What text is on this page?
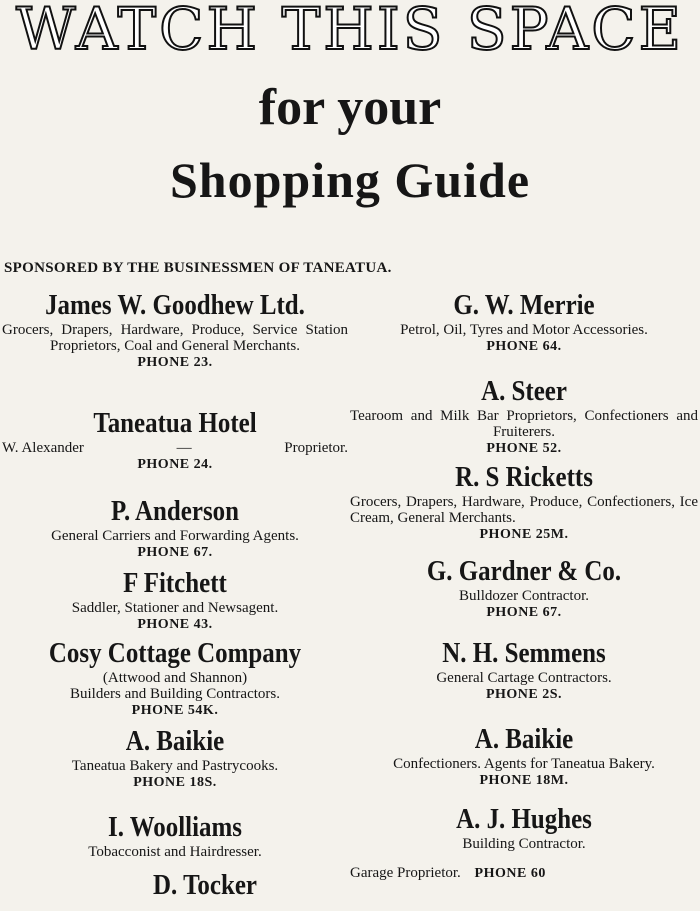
WATCH THIS SPACE
for your
Shopping Guide
SPONSORED BY THE BUSINESSMEN OF TANEATUA.
James W. Goodhew Ltd.
Grocers, Drapers, Hardware, Produce, Service Station Proprietors, Coal and General Merchants.
PHONE 23.
Taneatua Hotel
W. Alexander	—	Proprietor.
PHONE 24.
P. Anderson
General Carriers and Forwarding Agents.
PHONE 67.
F Fitchett
Saddler, Stationer and Newsagent.
PHONE 43.
Cosy Cottage Company
(Attwood and Shannon)
Builders and Building Contractors.
PHONE 54K.
A. Baikie
Taneatua Bakery and Pastrycooks.
PHONE 18S.
I. Woolliams
Tobacconist and Hairdresser.
D. Tocker
G. W. Merrie
Petrol, Oil, Tyres and Motor Accessories.
PHONE 64.
A. Steer
Tearoom and Milk Bar Proprietors, Confectioners and Fruiterers.
PHONE 52.
R. S Ricketts
Grocers, Drapers, Hardware, Produce, Confectioners, Ice Cream, General Merchants.
PHONE 25M.
G. Gardner & Co.
Bulldozer Contractor.
PHONE 67.
N. H. Semmens
General Cartage Contractors.
PHONE 2S.
A. Baikie
Confectioners. Agents for Taneatua Bakery.
PHONE 18M.
A. J. Hughes
Building Contractor.
Garage Proprietor. PHONE 60
